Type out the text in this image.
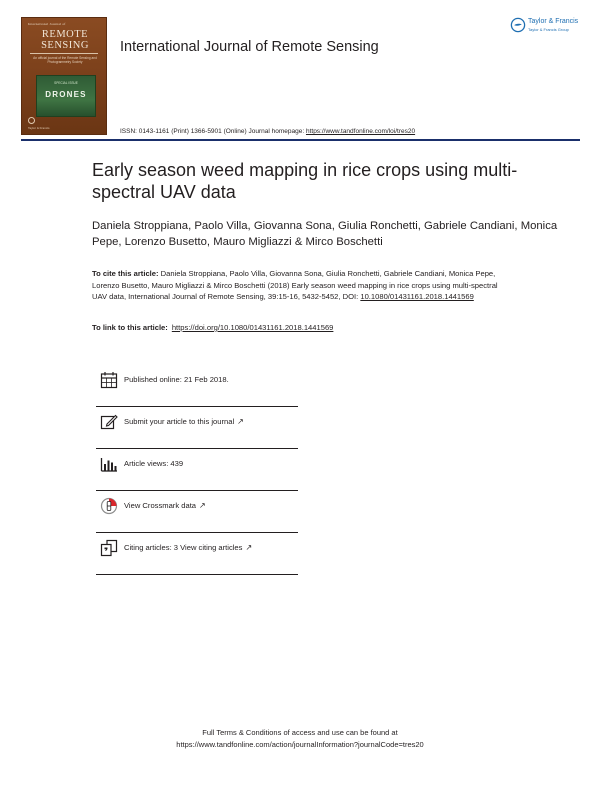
International Journal of
REMOTE
SENSING
An official journal of the Remote Sensing and Photogrammetry Society
SPECIAL ISSUE
DRONES
Taylor & Francis
International Journal of Remote Sensing
Taylor & Francis
Taylor & Francis Group
ISSN: 0143-1161 (Print) 1366-5901 (Online) Journal homepage: https://www.tandfonline.com/loi/tres20
Early season weed mapping in rice crops using multi-spectral UAV data
Daniela Stroppiana, Paolo Villa, Giovanna Sona, Giulia Ronchetti, Gabriele Candiani, Monica Pepe, Lorenzo Busetto, Mauro Migliazzi & Mirco Boschetti
To cite this article: Daniela Stroppiana, Paolo Villa, Giovanna Sona, Giulia Ronchetti, Gabriele Candiani, Monica Pepe, Lorenzo Busetto, Mauro Migliazzi & Mirco Boschetti (2018) Early season weed mapping in rice crops using multi-spectral UAV data, International Journal of Remote Sensing, 39:15-16, 5432-5452, DOI: 10.1080/01431161.2018.1441569
To link to this article: https://doi.org/10.1080/01431161.2018.1441569
Published online: 21 Feb 2018.
Submit your article to this journal ↗
Article views: 439
View Crossmark data ↗
Citing articles: 3 View citing articles ↗
Full Terms & Conditions of access and use can be found at
https://www.tandfonline.com/action/journalInformation?journalCode=tres20
